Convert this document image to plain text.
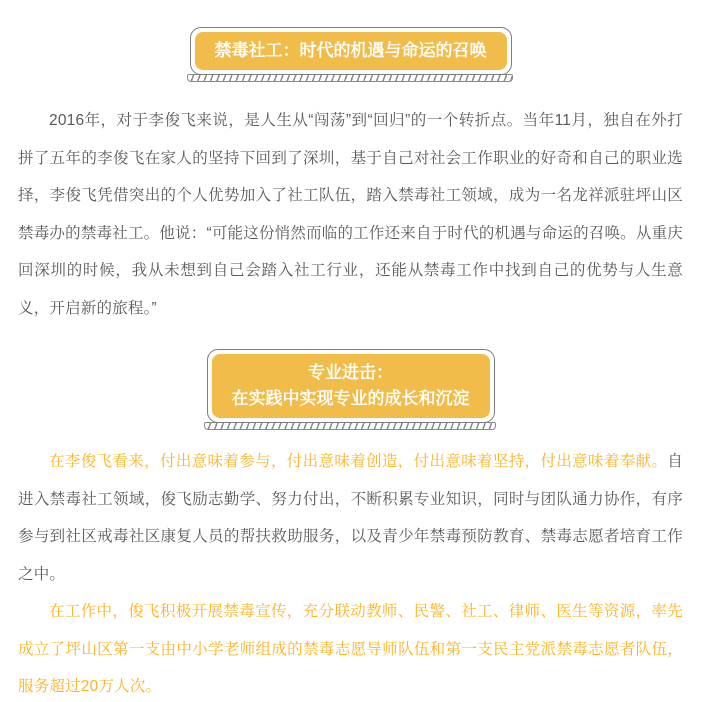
禁毒社工：时代的机遇与命运的召唤

2016年，对于李俊飞来说，是人生从“闯荡”到“回归”的一个转折点。当年11月，独自在外打拼了五年的李俊飞在家人的坚持下回到了深圳，基于自己对社会工作职业的好奇和自己的职业选择，李俊飞凭借突出的个人优势加入了社工队伍，踏入禁毒社工领域，成为一名龙祥派驻坪山区禁毒办的禁毒社工。他说：“可能这份悄然而临的工作还来自于时代的机遇与命运的召唤。从重庆回深圳的时候，我从未想到自己会踏入社工行业，还能从禁毒工作中找到自己的优势与人生意义，开启新的旅程。”

专业进击：
在实践中实现专业的成长和沉淀

在李俊飞看来，付出意味着参与，付出意味着创造，付出意味着坚持，付出意味着奉献。自进入禁毒社工领域，俊飞励志勤学、努力付出，不断积累专业知识，同时与团队通力协作，有序参与到社区戒毒社区康复人员的帮扶救助服务，以及青少年禁毒预防教育、禁毒志愿者培育工作之中。

在工作中，俊飞积极开展禁毒宣传，充分联动教师、民警、社工、律师、医生等资源，率先成立了坪山区第一支由中小学老师组成的禁毒志愿导师队伍和第一支民主党派禁毒志愿者队伍，服务超过20万人次。
